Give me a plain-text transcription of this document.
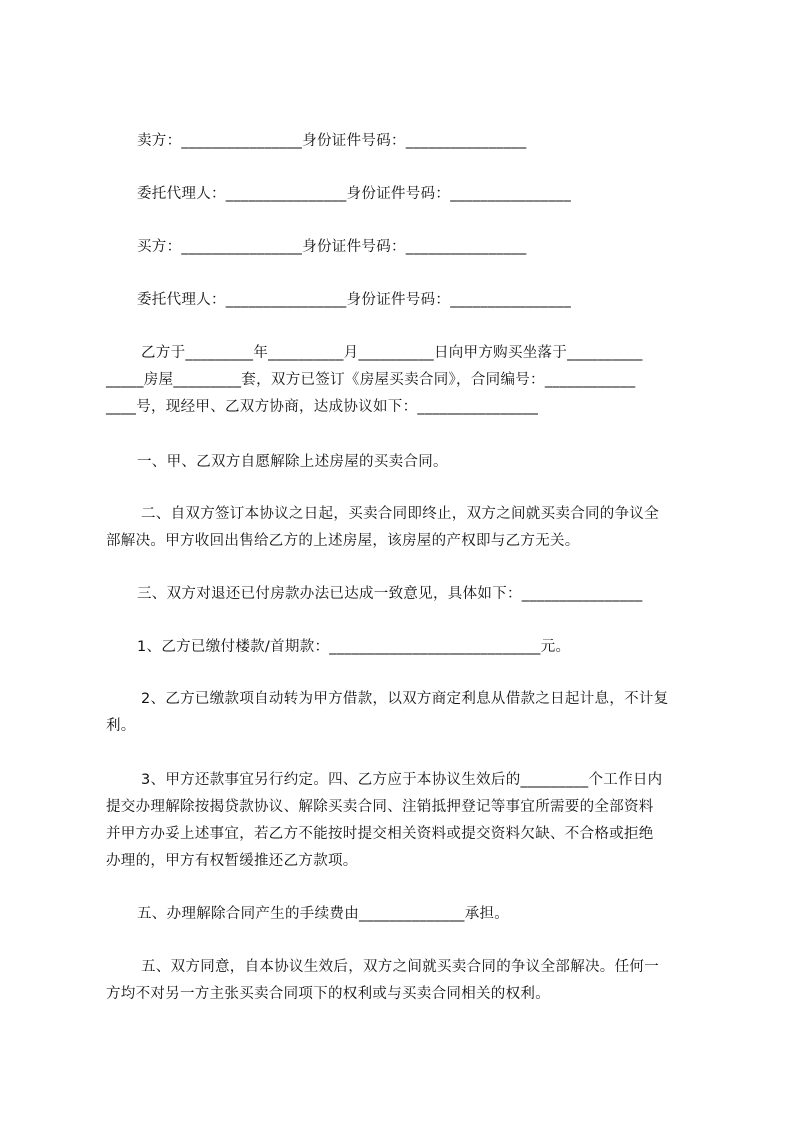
卖方：________________身份证件号码：________________
委托代理人：________________身份证件号码：________________
买方：________________身份证件号码：________________
委托代理人：________________身份证件号码：________________
乙方于_________年__________月__________日向甲方购买坐落于__________
_____房屋_________套，双方已签订《房屋买卖合同》，合同编号：____________
____号，现经甲、乙双方协商，达成协议如下：________________
一、甲、乙双方自愿解除上述房屋的买卖合同。
二、自双方签订本协议之日起，买卖合同即终止，双方之间就买卖合同的争议全
部解决。甲方收回出售给乙方的上述房屋，该房屋的产权即与乙方无关。
三、双方对退还已付房款办法已达成一致意见，具体如下：________________
1、乙方已缴付楼款/首期款：____________________________元。
2、乙方已缴款项自动转为甲方借款，以双方商定利息从借款之日起计息，不计复
利。
3、甲方还款事宜另行约定。四、乙方应于本协议生效后的_________个工作日内
提交办理解除按揭贷款协议、解除买卖合同、注销抵押登记等事宜所需要的全部资料
并甲方办妥上述事宜，若乙方不能按时提交相关资料或提交资料欠缺、不合格或拒绝
办理的，甲方有权暂缓推还乙方款项。
五、办理解除合同产生的手续费由______________承担。
五、双方同意，自本协议生效后，双方之间就买卖合同的争议全部解决。任何一
方均不对另一方主张买卖合同项下的权利或与买卖合同相关的权利。
